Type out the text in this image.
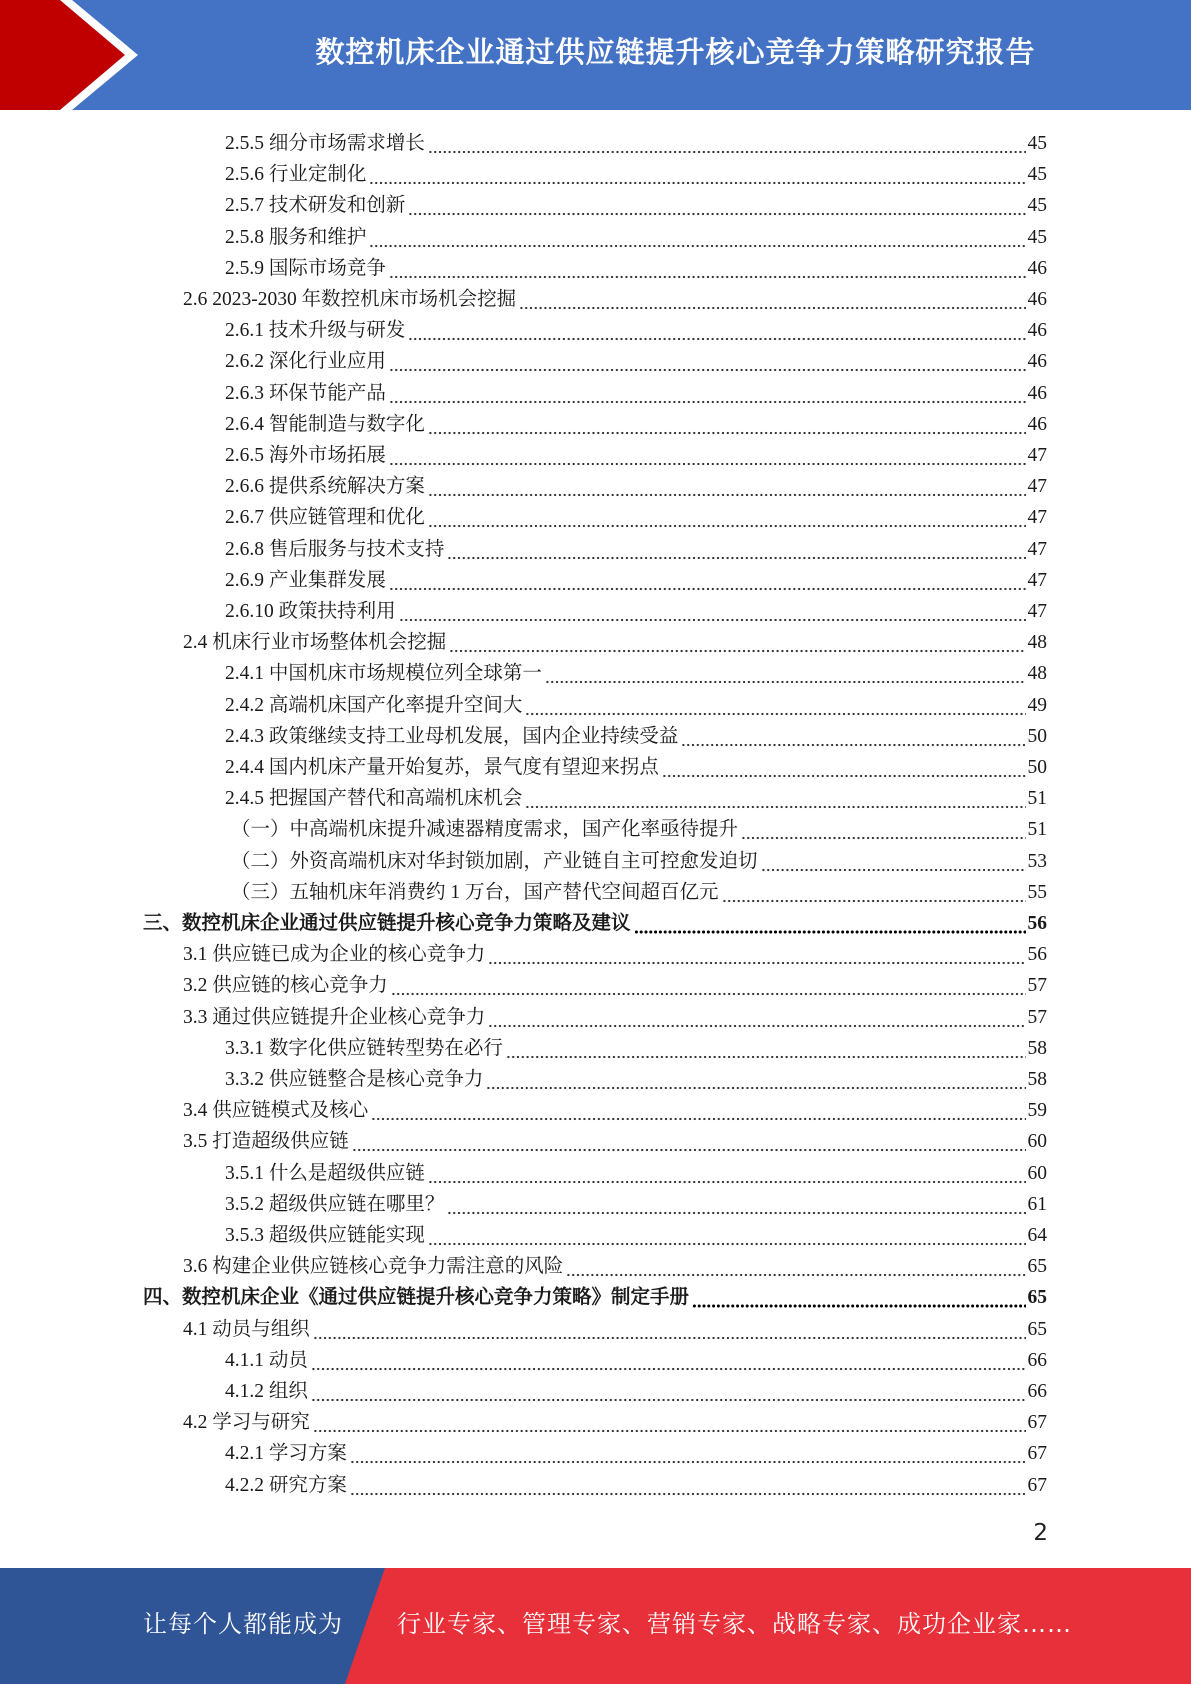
数控机床企业通过供应链提升核心竞争力策略研究报告
2.5.5 细分市场需求增长	45
2.5.6 行业定制化	45
2.5.7 技术研发和创新	45
2.5.8 服务和维护	45
2.5.9 国际市场竞争	46
2.6 2023-2030 年数控机床市场机会挖掘	46
2.6.1 技术升级与研发	46
2.6.2 深化行业应用	46
2.6.3 环保节能产品	46
2.6.4 智能制造与数字化	46
2.6.5 海外市场拓展	47
2.6.6 提供系统解决方案	47
2.6.7 供应链管理和优化	47
2.6.8 售后服务与技术支持	47
2.6.9 产业集群发展	47
2.6.10 政策扶持利用	47
2.4 机床行业市场整体机会挖掘	48
2.4.1 中国机床市场规模位列全球第一	48
2.4.2 高端机床国产化率提升空间大	49
2.4.3 政策继续支持工业母机发展，国内企业持续受益	50
2.4.4 国内机床产量开始复苏，景气度有望迎来拐点	50
2.4.5 把握国产替代和高端机床机会	51
（一）中高端机床提升减速器精度需求，国产化率亟待提升	51
（二）外资高端机床对华封锁加剧，产业链自主可控愈发迫切	53
（三）五轴机床年消费约 1 万台，国产替代空间超百亿元	55
三、数控机床企业通过供应链提升核心竞争力策略及建议	56
3.1 供应链已成为企业的核心竞争力	56
3.2 供应链的核心竞争力	57
3.3 通过供应链提升企业核心竞争力	57
3.3.1 数字化供应链转型势在必行	58
3.3.2 供应链整合是核心竞争力	58
3.4 供应链模式及核心	59
3.5 打造超级供应链	60
3.5.1 什么是超级供应链	60
3.5.2 超级供应链在哪里？	61
3.5.3 超级供应链能实现	64
3.6 构建企业供应链核心竞争力需注意的风险	65
四、数控机床企业《通过供应链提升核心竞争力策略》制定手册	65
4.1 动员与组织	65
4.1.1 动员	66
4.1.2 组织	66
4.2 学习与研究	67
4.2.1 学习方案	67
4.2.2 研究方案	67
2
让每个人都能成为 行业专家、管理专家、营销专家、战略专家、成功企业家……
